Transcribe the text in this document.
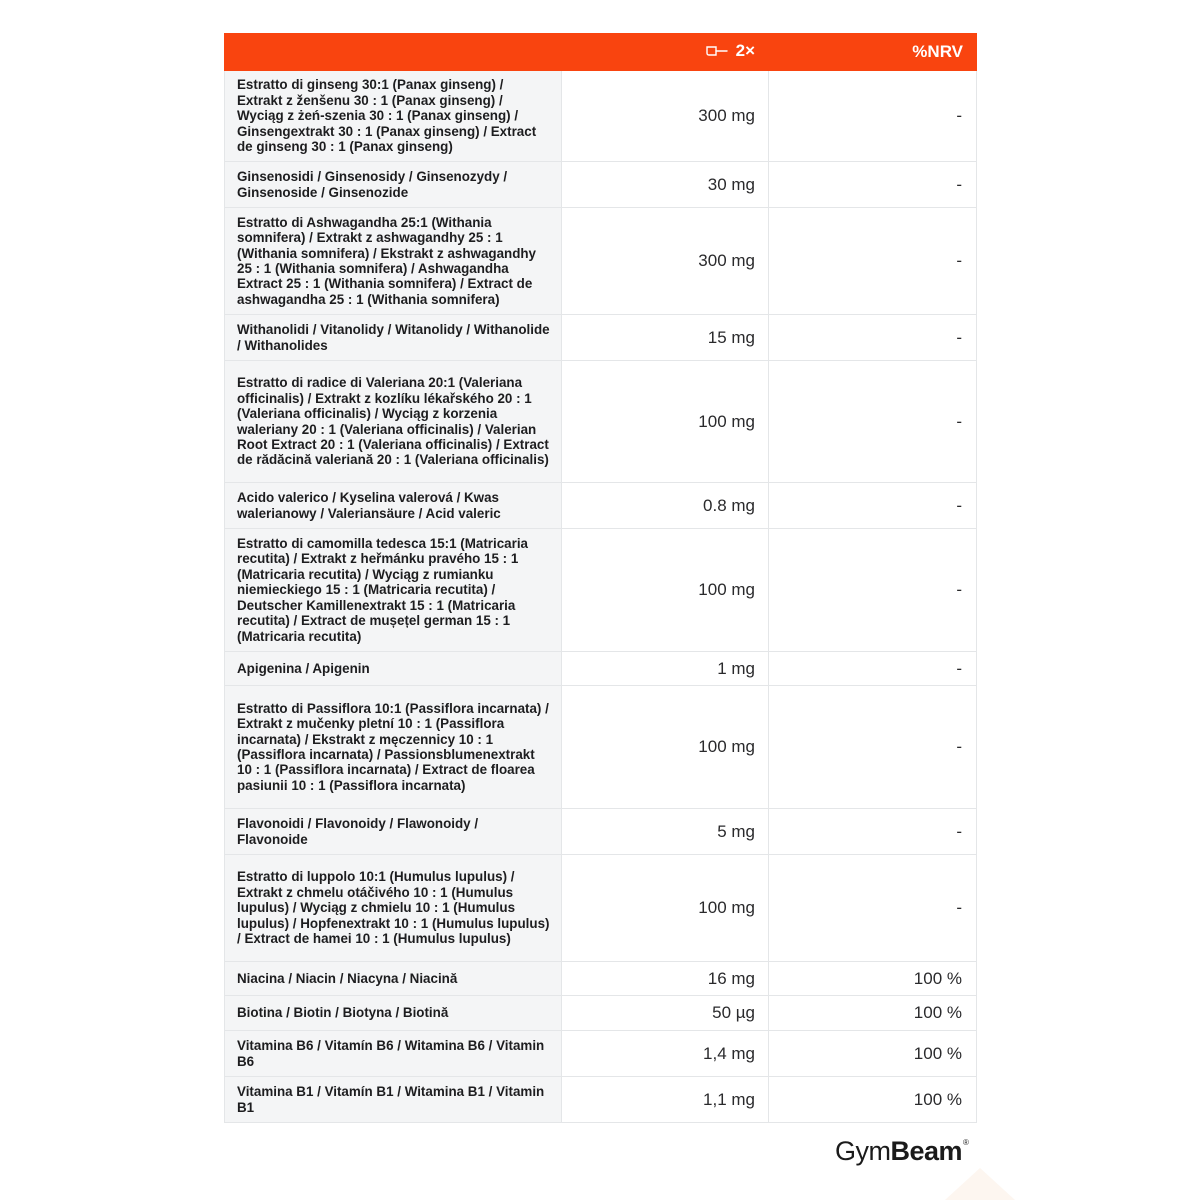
	2×	%NRV
Estratto di ginseng 30:1 (Panax ginseng) / Extrakt z ženšenu 30 : 1 (Panax ginseng) / Wyciąg z żeń-szenia 30 : 1 (Panax ginseng) / Ginsengextrakt 30 : 1 (Panax ginseng) / Extract de ginseng 30 : 1 (Panax ginseng)	300 mg	-
Ginsenosidi / Ginsenosidy / Ginsenozydy / Ginsenoside / Ginsenozide	30 mg	-
Estratto di Ashwagandha 25:1 (Withania somnifera) / Extrakt z ashwagandhy 25 : 1 (Withania somnifera) / Ekstrakt z ashwagandhy 25 : 1 (Withania somnifera) / Ashwagandha Extract 25 : 1 (Withania somnifera) / Extract de ashwagandha 25 : 1 (Withania somnifera)	300 mg	-
Withanolidi / Vitanolidy / Witanolidy / Withanolide / Withanolides	15 mg	-
Estratto di radice di Valeriana 20:1 (Valeriana officinalis) / Extrakt z kozlíku lékařského 20 : 1 (Valeriana officinalis) / Wyciąg z korzenia waleriany 20 : 1 (Valeriana officinalis) / Valerian Root Extract 20 : 1 (Valeriana officinalis) / Extract de rădăcină valeriană 20 : 1 (Valeriana officinalis)	100 mg	-
Acido valerico / Kyselina valerová / Kwas walerianowy / Valeriansäure / Acid valeric	0.8 mg	-
Estratto di camomilla tedesca 15:1 (Matricaria recutita) / Extrakt z heřmánku pravého 15 : 1 (Matricaria recutita) / Wyciąg z rumianku niemieckiego 15 : 1 (Matricaria recutita) / Deutscher Kamillenextrakt 15 : 1 (Matricaria recutita) / Extract de mușețel german 15 : 1 (Matricaria recutita)	100 mg	-
Apigenina / Apigenin	1 mg	-
Estratto di Passiflora 10:1 (Passiflora incarnata) / Extrakt z mučenky pletní 10 : 1 (Passiflora incarnata) / Ekstrakt z męczennicy 10 : 1 (Passiflora incarnata) / Passionsblumenextrakt 10 : 1 (Passiflora incarnata) / Extract de floarea pasiunii 10 : 1 (Passiflora incarnata)	100 mg	-
Flavonoidi / Flavonoidy / Flawonoidy / Flavonoide	5 mg	-
Estratto di luppolo 10:1 (Humulus lupulus) / Extrakt z chmelu otáčivého 10 : 1 (Humulus lupulus) / Wyciąg z chmielu 10 : 1 (Humulus lupulus) / Hopfenextrakt 10 : 1 (Humulus lupulus) / Extract de hamei 10 : 1 (Humulus lupulus)	100 mg	-
Niacina / Niacin / Niacyna / Niacină	16 mg	100 %
Biotina / Biotin / Biotyna / Biotină	50 µg	100 %
Vitamina B6 / Vitamín B6 / Witamina B6 / Vitamin B6	1,4 mg	100 %
Vitamina B1 / Vitamín B1 / Witamina B1 / Vitamin B1	1,1 mg	100 %
GymBeam®
